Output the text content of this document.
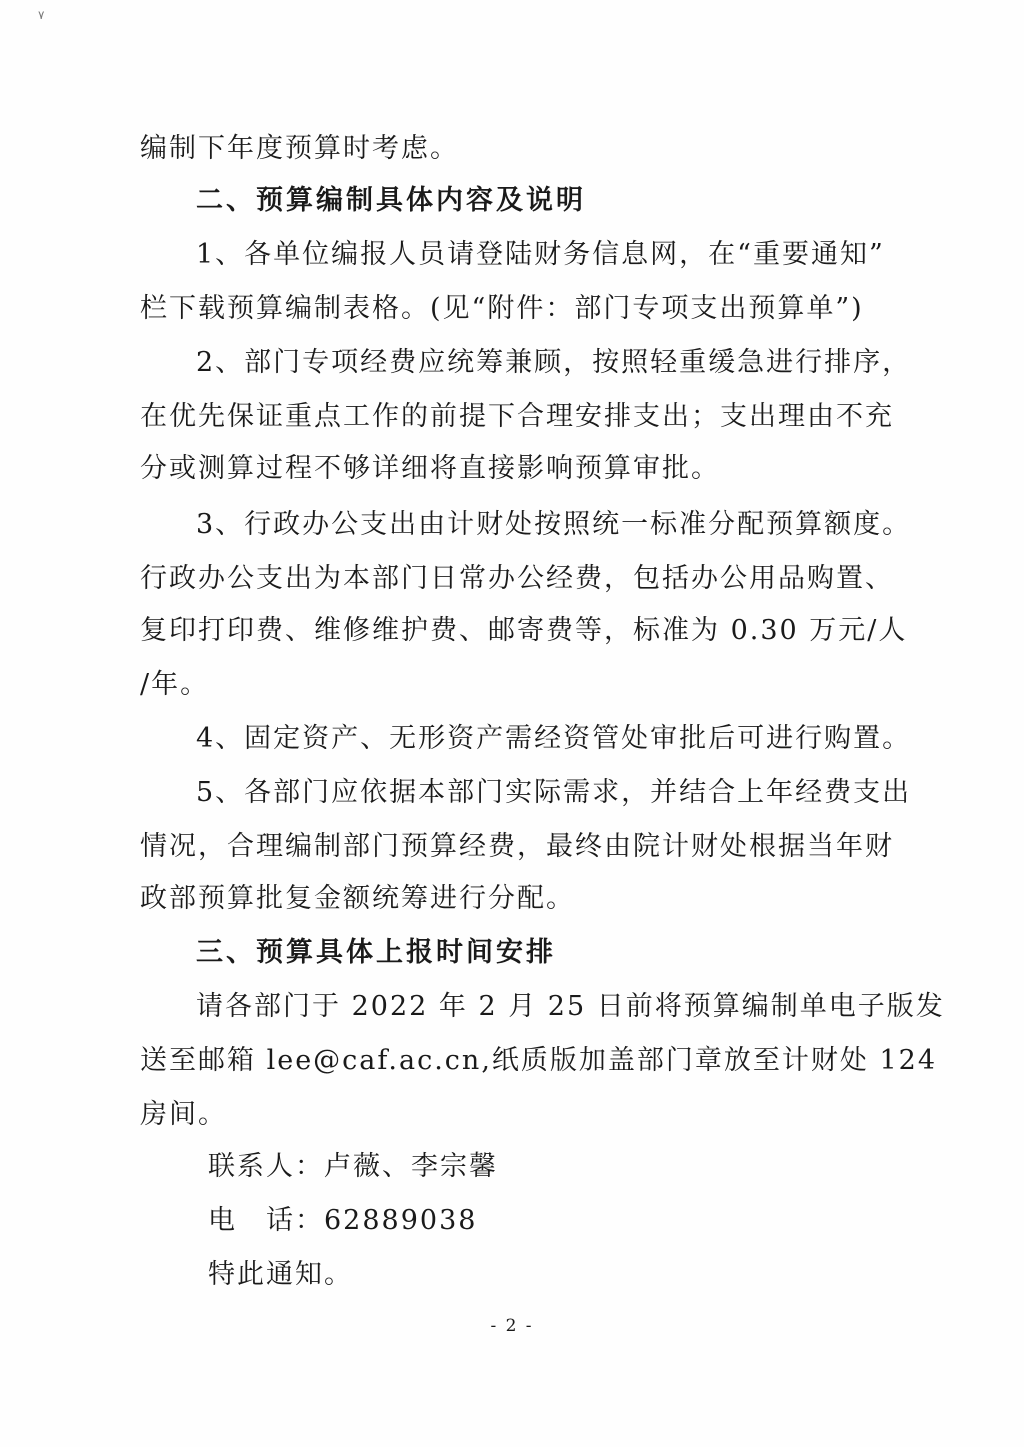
٧
编制下年度预算时考虑。
二、预算编制具体内容及说明
1、各单位编报人员请登陆财务信息网，在“重要通知”
栏下载预算编制表格。(见“附件：部门专项支出预算单”)
2、部门专项经费应统筹兼顾，按照轻重缓急进行排序，
在优先保证重点工作的前提下合理安排支出；支出理由不充
分或测算过程不够详细将直接影响预算审批。
3、行政办公支出由计财处按照统一标准分配预算额度。
行政办公支出为本部门日常办公经费，包括办公用品购置、
复印打印费、维修维护费、邮寄费等，标准为 0.30 万元/人
/年。
4、固定资产、无形资产需经资管处审批后可进行购置。
5、各部门应依据本部门实际需求，并结合上年经费支出
情况，合理编制部门预算经费，最终由院计财处根据当年财
政部预算批复金额统筹进行分配。
三、预算具体上报时间安排
请各部门于 2022 年 2 月 25 日前将预算编制单电子版发
送至邮箱 lee@caf.ac.cn,纸质版加盖部门章放至计财处 124
房间。
联系人：卢薇、李宗馨
电　话：62889038
特此通知。
- 2 -
